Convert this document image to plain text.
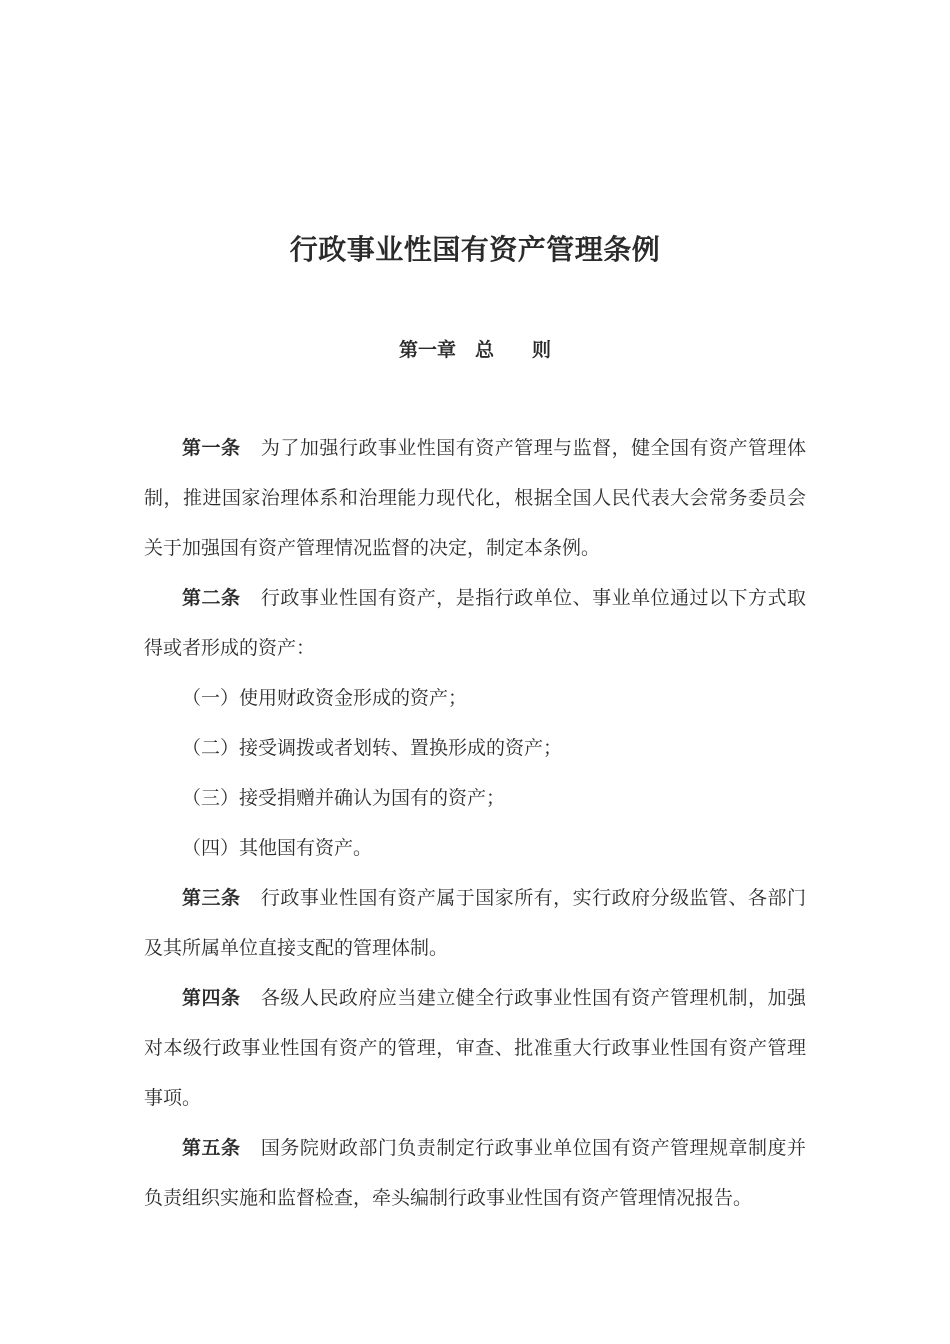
行政事业性国有资产管理条例
第一章　总　　则
第一条 为了加强行政事业性国有资产管理与监督，健全国有资产管理体制，推进国家治理体系和治理能力现代化，根据全国人民代表大会常务委员会关于加强国有资产管理情况监督的决定，制定本条例。
第二条 行政事业性国有资产，是指行政单位、事业单位通过以下方式取得或者形成的资产：
（一）使用财政资金形成的资产；
（二）接受调拨或者划转、置换形成的资产；
（三）接受捐赠并确认为国有的资产；
（四）其他国有资产。
第三条 行政事业性国有资产属于国家所有，实行政府分级监管、各部门及其所属单位直接支配的管理体制。
第四条 各级人民政府应当建立健全行政事业性国有资产管理机制，加强对本级行政事业性国有资产的管理，审查、批准重大行政事业性国有资产管理事项。
第五条 国务院财政部门负责制定行政事业单位国有资产管理规章制度并负责组织实施和监督检查，牵头编制行政事业性国有资产管理情况报告。
